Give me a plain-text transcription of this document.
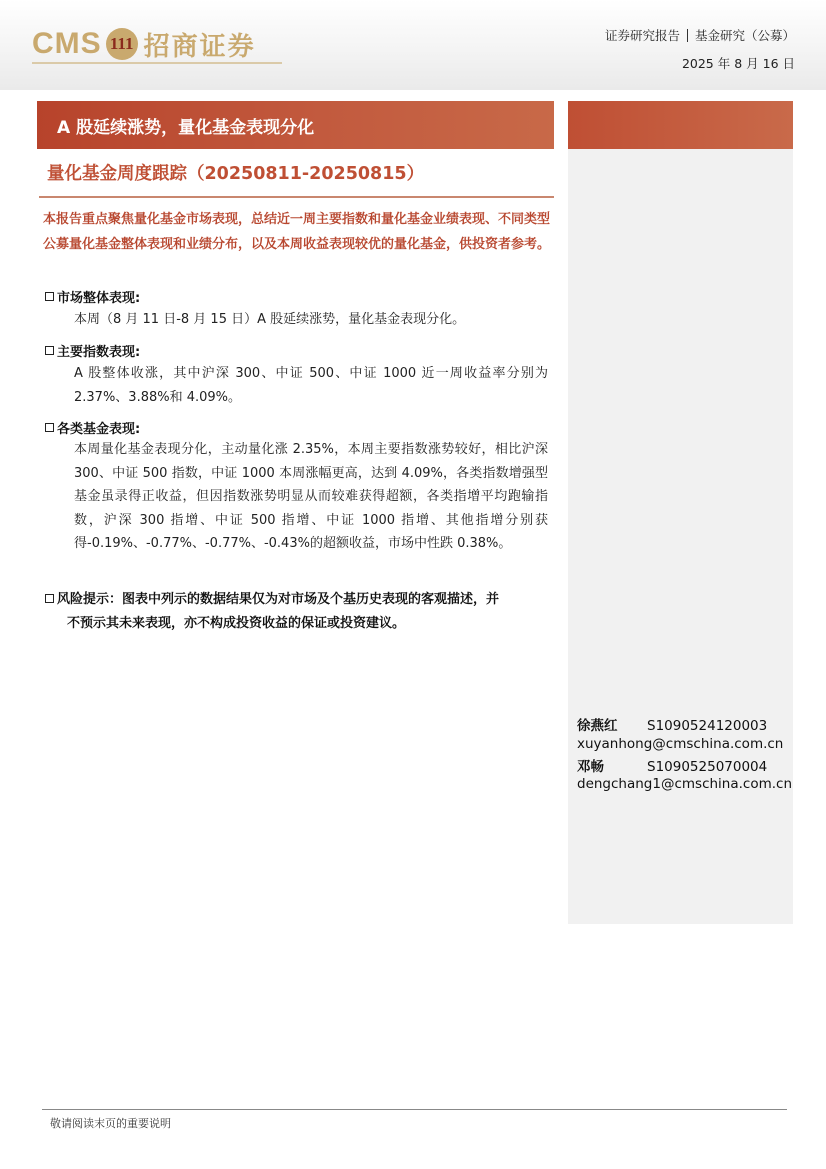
CMS 111 招商证券	证券研究报告 基金研究（公募）
2025 年 8 月 16 日
A 股延续涨势，量化基金表现分化
量化基金周度跟踪（20250811-20250815）
本报告重点聚焦量化基金市场表现，总结近一周主要指数和量化基金业绩表现、不同类型公募量化基金整体表现和业绩分布，以及本周收益表现较优的量化基金，供投资者参考。
市场整体表现:
本周（8 月 11 日-8 月 15 日）A 股延续涨势，量化基金表现分化。
主要指数表现:
A 股整体收涨，其中沪深 300、中证 500、中证 1000 近一周收益率分别为 2.37%、3.88%和 4.09%。
各类基金表现:
本周量化基金表现分化，主动量化涨 2.35%，本周主要指数涨势较好，相比沪深 300、中证 500 指数，中证 1000 本周涨幅更高，达到 4.09%，各类指数增强型基金虽录得正收益，但因指数涨势明显从而较难获得超额，各类指增平均跑输指数，沪深 300 指增、中证 500 指增、中证 1000 指增、其他指增分别获得-0.19%、-0.77%、-0.77%、-0.43%的超额收益，市场中性跌 0.38%。
风险提示：图表中列示的数据结果仅为对市场及个基历史表现的客观描述，并
不预示其未来表现，亦不构成投资收益的保证或投资建议。
徐燕红 S1090524120003
xuyanhong@cmschina.com.cn
邓畅	S1090525070004
dengchang1@cmschina.com.cn
敬请阅读末页的重要说明
